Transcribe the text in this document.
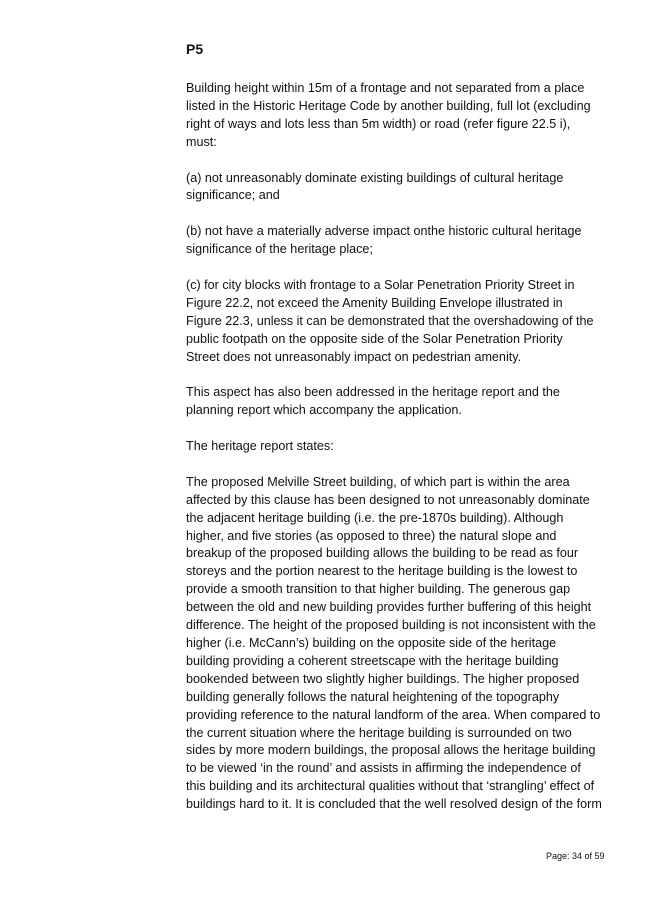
P5
Building height within 15m of a frontage and not separated from a place
listed in the Historic Heritage Code by another building, full lot (excluding
right of ways and lots less than 5m width) or road (refer figure 22.5 i),
must:
(a) not unreasonably dominate existing buildings of cultural heritage
significance; and
(b) not have a materially adverse impact onthe historic cultural heritage
significance of the heritage place;
(c) for city blocks with frontage to a Solar Penetration Priority Street in
Figure 22.2, not exceed the Amenity Building Envelope illustrated in
Figure 22.3, unless it can be demonstrated that the overshadowing of the
public footpath on the opposite side of the Solar Penetration Priority
Street does not unreasonably impact on pedestrian amenity.
This aspect has also been addressed in the heritage report and the
planning report which accompany the application.
The heritage report states:
The proposed Melville Street building, of which part is within the area
affected by this clause has been designed to not unreasonably dominate
the adjacent heritage building (i.e. the pre-1870s building). Although
higher, and five stories (as opposed to three) the natural slope and
breakup of the proposed building allows the building to be read as four
storeys and the portion nearest to the heritage building is the lowest to
provide a smooth transition to that higher building. The generous gap
between the old and new building provides further buffering of this height
difference. The height of the proposed building is not inconsistent with the
higher (i.e. McCann’s) building on the opposite side of the heritage
building providing a coherent streetscape with the heritage building
bookended between two slightly higher buildings. The higher proposed
building generally follows the natural heightening of the topography
providing reference to the natural landform of the area. When compared to
the current situation where the heritage building is surrounded on two
sides by more modern buildings, the proposal allows the heritage building
to be viewed ‘in the round’ and assists in affirming the independence of
this building and its architectural qualities without that ‘strangling’ effect of
buildings hard to it. It is concluded that the well resolved design of the form
Page: 34 of 59
